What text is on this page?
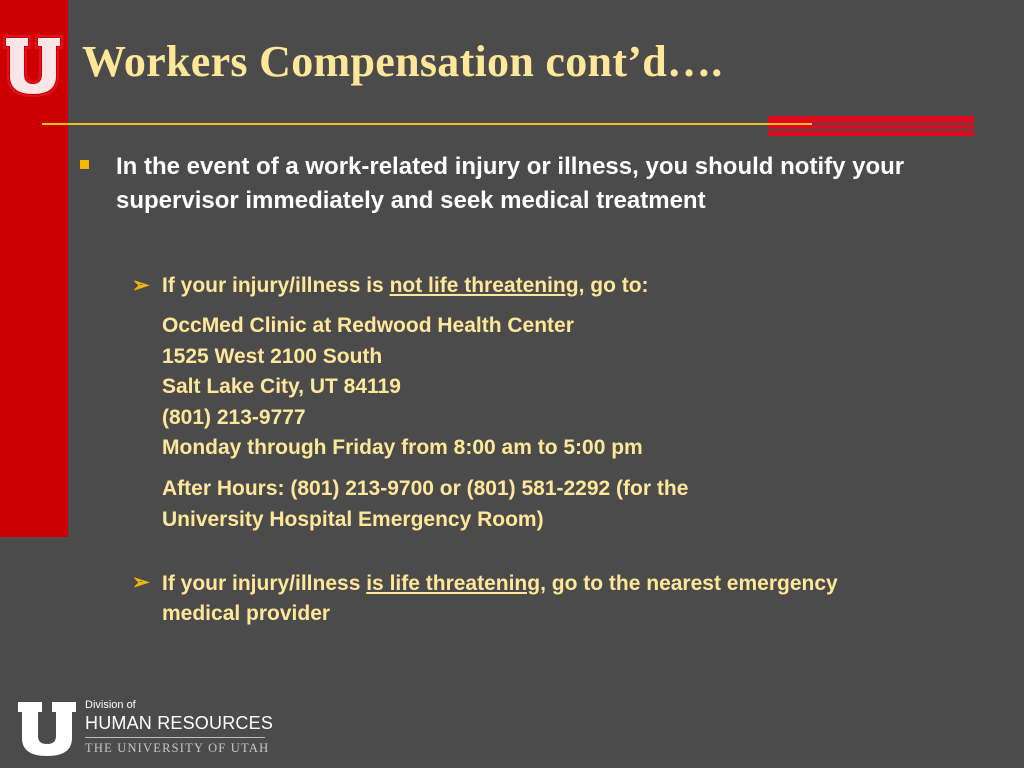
Workers Compensation cont’d….

In the event of a work-related injury or illness, you should notify your supervisor immediately and seek medical treatment

➢ If your injury/illness is not life threatening, go to:

OccMed Clinic at Redwood Health Center
1525 West 2100 South
Salt Lake City, UT 84119
(801) 213-9777
Monday through Friday from 8:00 am to 5:00 pm
After Hours: (801) 213-9700 or (801) 581-2292 (for the
University Hospital Emergency Room)
➢ If your injury/illness is life threatening, go to the nearest emergency medical provider

Division of
HUMAN RESOURCES
THE UNIVERSITY OF UTAH
